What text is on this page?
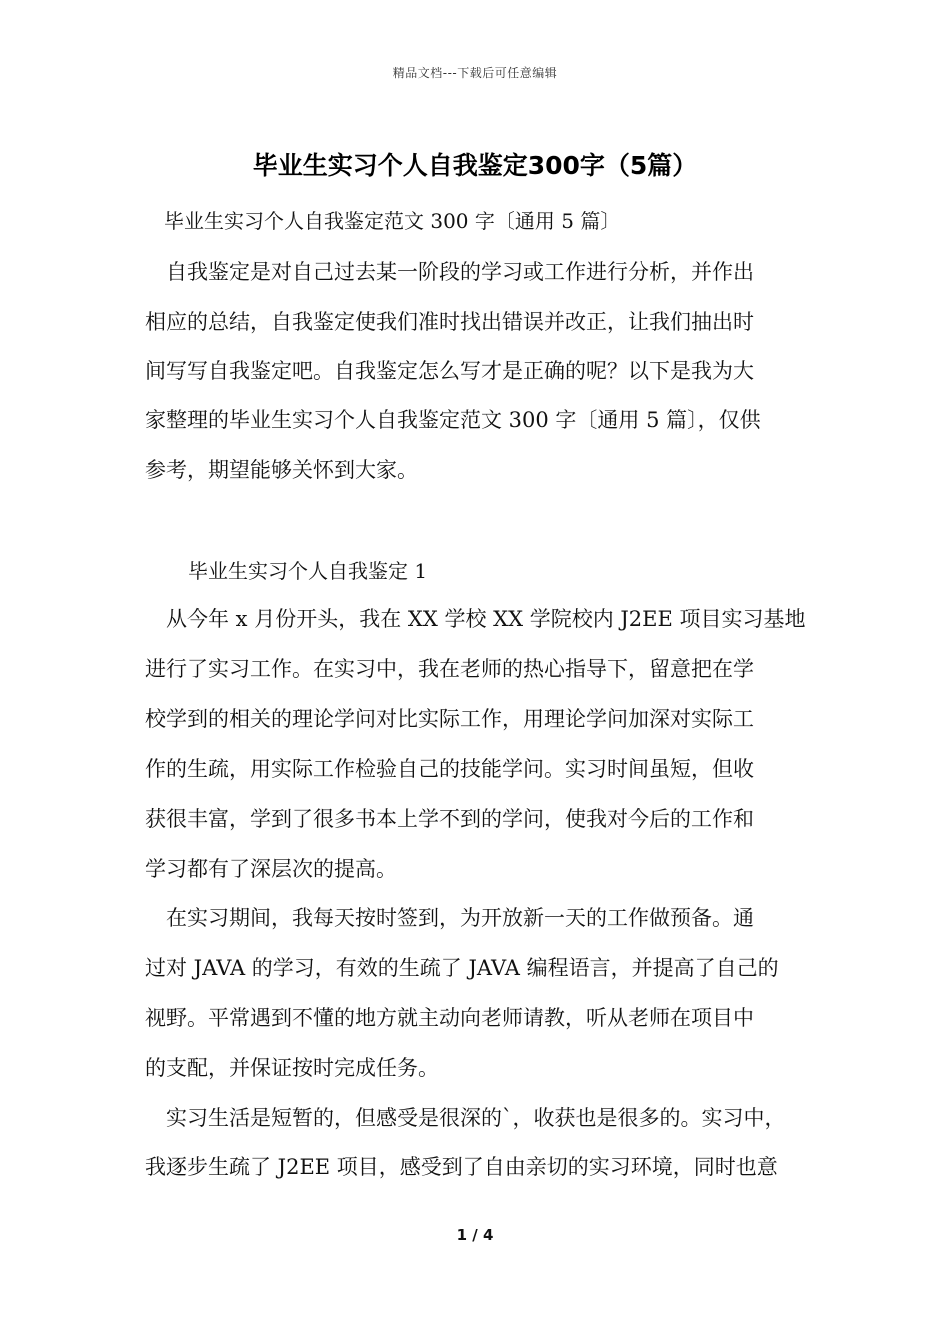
精品文档---下载后可任意编辑
毕业生实习个人自我鉴定300字（5篇）
毕业生实习个人自我鉴定范文 300 字〔通用 5 篇〕
　自我鉴定是对自己过去某一阶段的学习或工作进行分析，并作出
相应的总结，自我鉴定使我们准时找出错误并改正，让我们抽出时
间写写自我鉴定吧。自我鉴定怎么写才是正确的呢？以下是我为大
家整理的毕业生实习个人自我鉴定范文 300 字〔通用 5 篇〕，仅供
参考，期望能够关怀到大家。
毕业生实习个人自我鉴定 1
　从今年 x 月份开头，我在 XX 学校 XX 学院校内 J2EE 项目实习基地
进行了实习工作。在实习中，我在老师的热心指导下，留意把在学
校学到的相关的理论学问对比实际工作，用理论学问加深对实际工
作的生疏，用实际工作检验自己的技能学问。实习时间虽短，但收
获很丰富，学到了很多书本上学不到的学问，使我对今后的工作和
学习都有了深层次的提高。
　在实习期间，我每天按时签到，为开放新一天的工作做预备。通
过对 JAVA 的学习，有效的生疏了 JAVA 编程语言，并提高了自己的
视野。平常遇到不懂的地方就主动向老师请教，听从老师在项目中
的支配，并保证按时完成任务。
　实习生活是短暂的，但感受是很深的`，收获也是很多的。实习中，
我逐步生疏了 J2EE 项目，感受到了自由亲切的实习环境，同时也意
1 / 4
